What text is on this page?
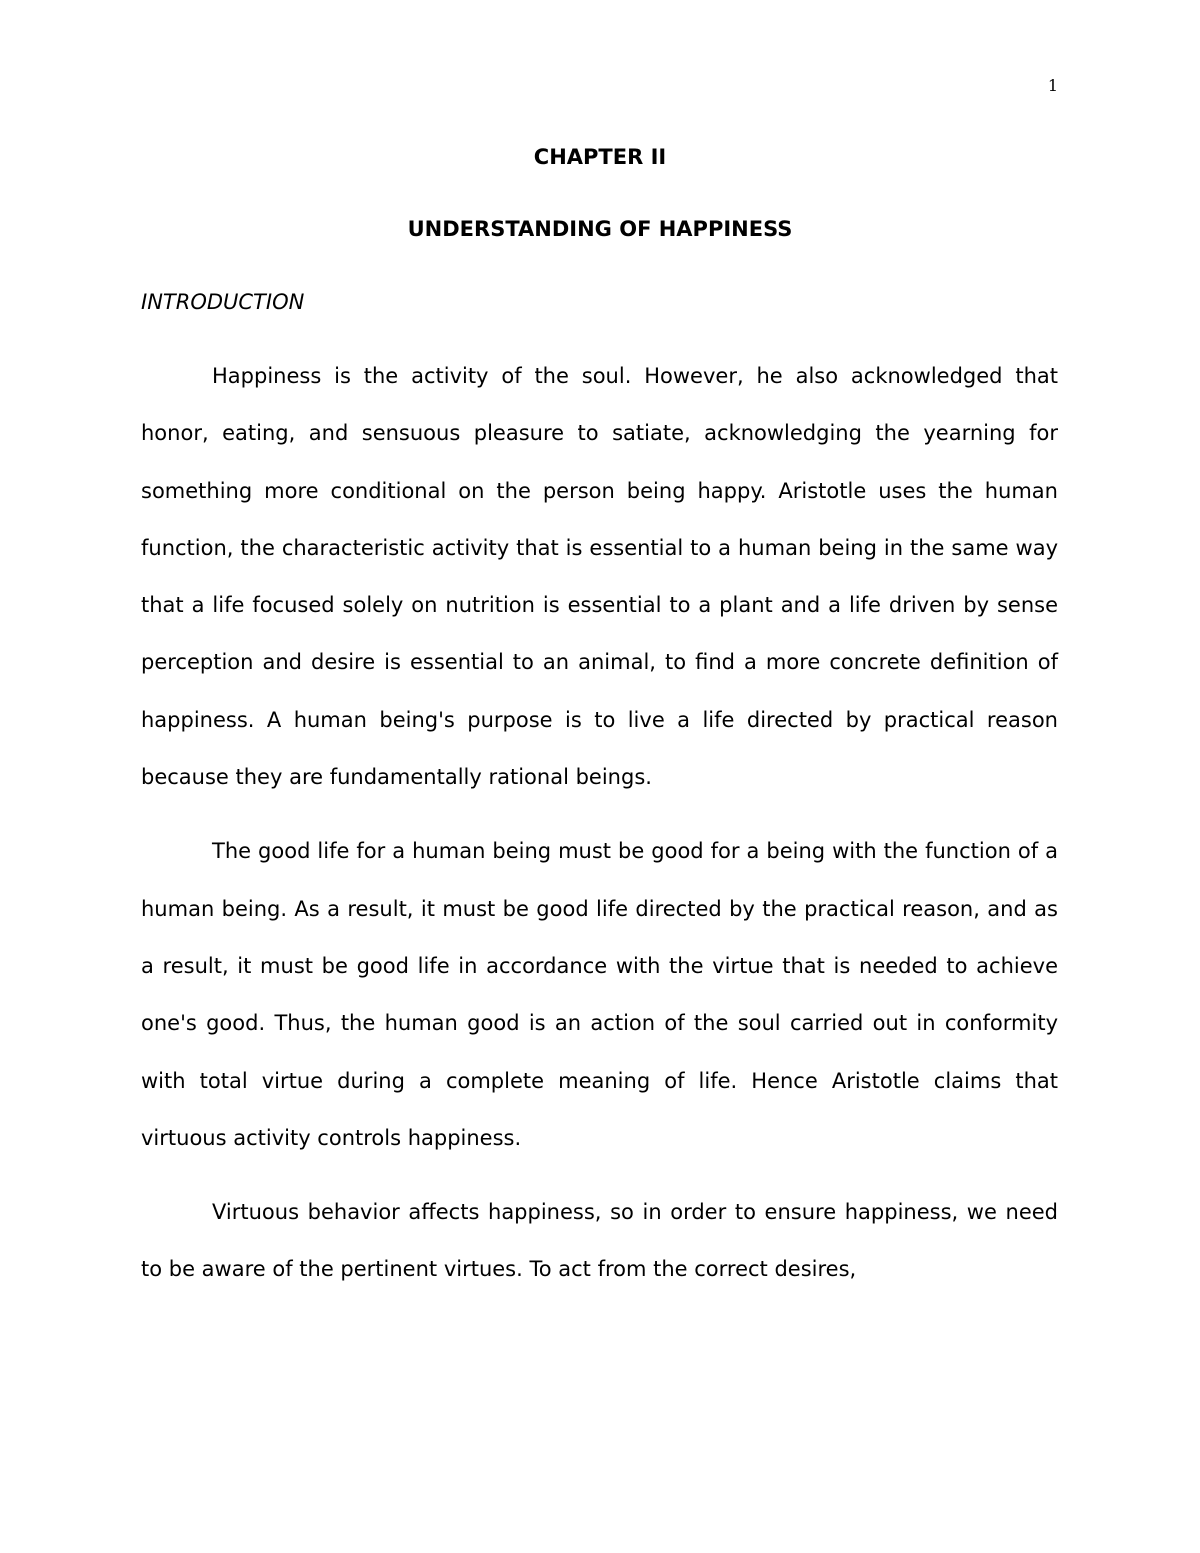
1
CHAPTER II
UNDERSTANDING OF HAPPINESS
INTRODUCTION

Happiness is the activity of the soul. However, he also acknowledged that honor, eating, and sensuous pleasure to satiate, acknowledging the yearning for something more conditional on the person being happy. Aristotle uses the human function, the characteristic activity that is essential to a human being in the same way that a life focused solely on nutrition is essential to a plant and a life driven by sense perception and desire is essential to an animal, to find a more concrete definition of happiness. A human being's purpose is to live a life directed by practical reason because they are fundamentally rational beings.

The good life for a human being must be good for a being with the function of a human being. As a result, it must be good life directed by the practical reason, and as a result, it must be good life in accordance with the virtue that is needed to achieve one's good. Thus, the human good is an action of the soul carried out in conformity with total virtue during a complete meaning of life. Hence Aristotle claims that virtuous activity controls happiness.

Virtuous behavior affects happiness, so in order to ensure happiness, we need to be aware of the pertinent virtues. To act from the correct desires,
